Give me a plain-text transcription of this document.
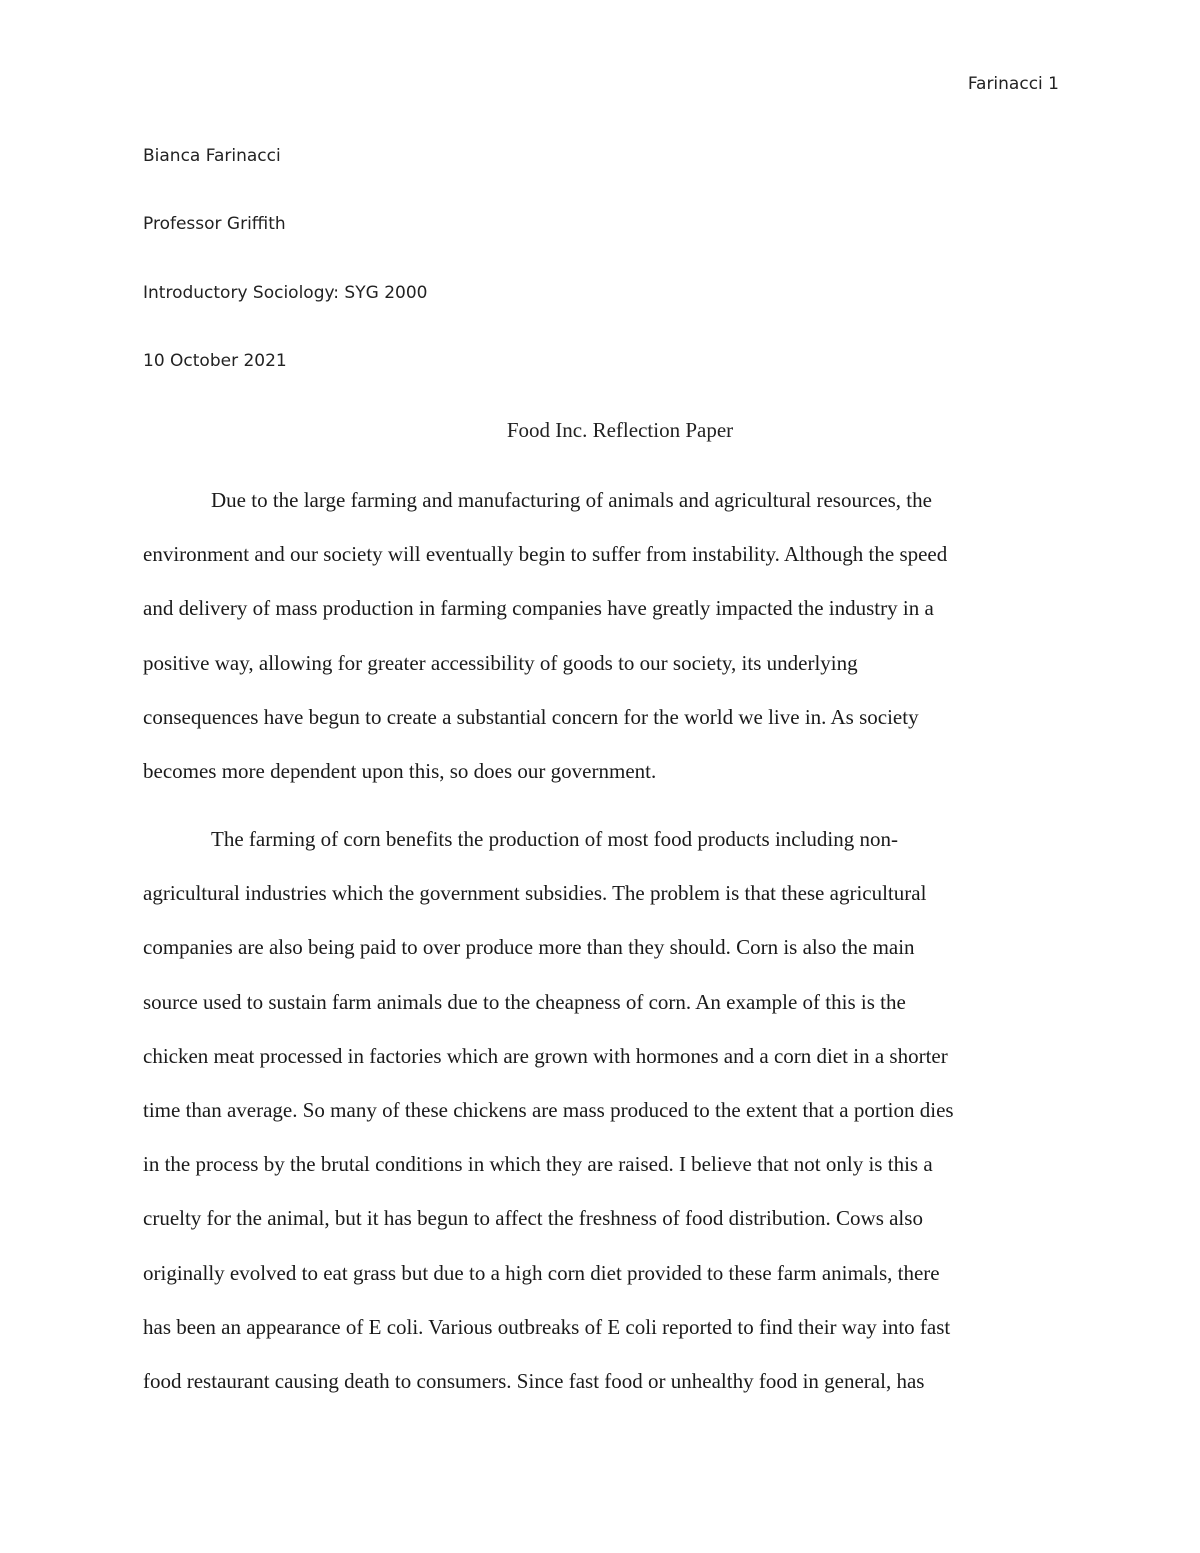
Farinacci 1
Bianca Farinacci
Professor Griffith
Introductory Sociology: SYG 2000
10 October 2021
Food Inc. Reflection Paper
Due to the large farming and manufacturing of animals and agricultural resources, the
environment and our society will eventually begin to suffer from instability. Although the speed
and delivery of mass production in farming companies have greatly impacted the industry in a
positive way, allowing for greater accessibility of goods to our society, its underlying
consequences have begun to create a substantial concern for the world we live in. As society
becomes more dependent upon this, so does our government.
The farming of corn benefits the production of most food products including non-
agricultural industries which the government subsidies. The problem is that these agricultural
companies are also being paid to over produce more than they should. Corn is also the main
source used to sustain farm animals due to the cheapness of corn. An example of this is the
chicken meat processed in factories which are grown with hormones and a corn diet in a shorter
time than average. So many of these chickens are mass produced to the extent that a portion dies
in the process by the brutal conditions in which they are raised. I believe that not only is this a
cruelty for the animal, but it has begun to affect the freshness of food distribution. Cows also
originally evolved to eat grass but due to a high corn diet provided to these farm animals, there
has been an appearance of E coli. Various outbreaks of E coli reported to find their way into fast
food restaurant causing death to consumers. Since fast food or unhealthy food in general, has
